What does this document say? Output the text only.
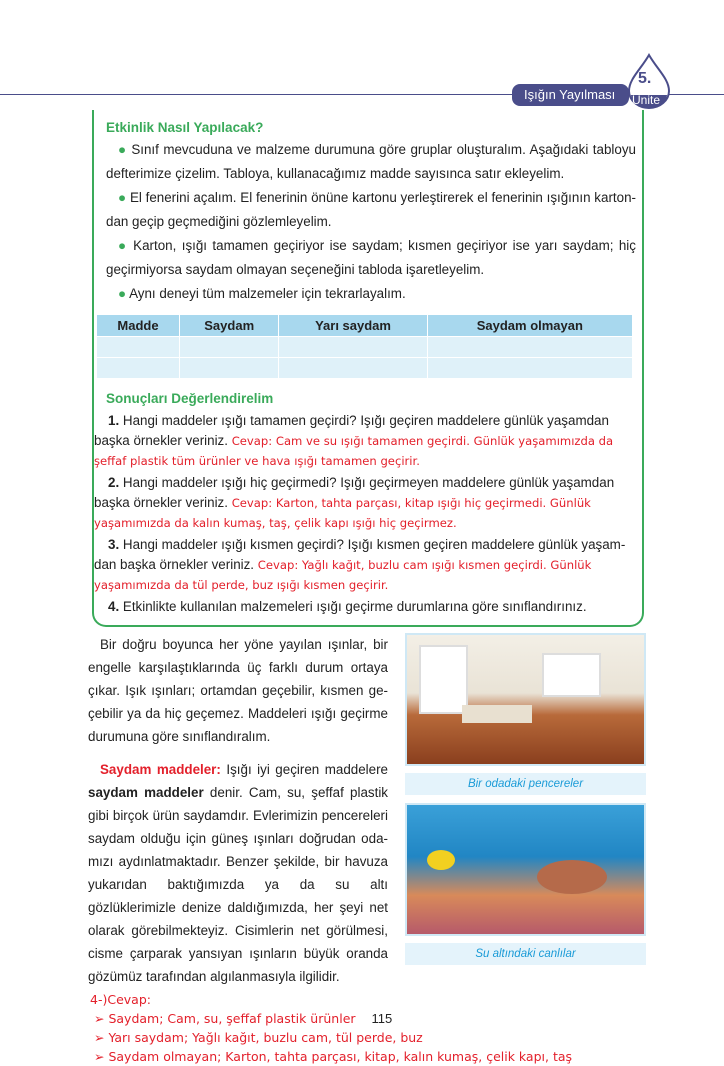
Işığın Yayılması
5.
Ünite
Etkinlik Nasıl Yapılacak?
● Sınıf mevcuduna ve malzeme durumuna göre gruplar oluşturalım. Aşağıdaki tabloyu defterimize çizelim. Tabloya, kullanacağımız madde sayısınca satır ekleyelim.
● El fenerini açalım. El fenerinin önüne kartonu yerleştirerek el fenerinin ışığının kartondan geçip geçmediğini gözlemleyelim.
● Karton, ışığı tamamen geçiriyor ise saydam; kısmen geçiriyor ise yarı saydam; hiç geçirmiyorsa saydam olmayan seçeneğini tabloda işaretleyelim.
● Aynı deneyi tüm malzemeler için tekrarlayalım.
Madde	Saydam	Yarı saydam	Saydam olmayan

Sonuçları Değerlendirelim
1. Hangi maddeler ışığı tamamen geçirdi? Işığı geçiren maddelere günlük yaşamdan başka örnekler veriniz. Cevap: Cam ve su ışığı tamamen geçirdi. Günlük yaşamımızda da şeffaf plastik tüm ürünler ve hava ışığı tamamen geçirir.
2. Hangi maddeler ışığı hiç geçirmedi? Işığı geçirmeyen maddelere günlük yaşamdan başka örnekler veriniz. Cevap: Karton, tahta parçası, kitap ışığı hiç geçirmedi. Günlük yaşamımızda da kalın kumaş, taş, çelik kapı ışığı hiç geçirmez.
3. Hangi maddeler ışığı kısmen geçirdi? Işığı kısmen geçiren maddelere günlük yaşamdan başka örnekler veriniz. Cevap: Yağlı kağıt, buzlu cam ışığı kısmen geçirdi. Günlük yaşamımızda da tül perde, buz ışığı kısmen geçirir.
4. Etkinlikte kullanılan malzemeleri ışığı geçirme durumlarına göre sınıflandırınız.
Bir doğru boyunca her yöne yayılan ışınlar, bir engelle karşılaştıklarında üç farklı durum ortaya çıkar. Işık ışınları; ortamdan geçebilir, kısmen geçebilir ya da hiç geçemez. Maddeleri ışığı geçirme durumuna göre sınıflandıralım.
Saydam maddeler: Işığı iyi geçiren maddelere saydam maddeler denir. Cam, su, şeffaf plastik gibi birçok ürün saydamdır. Evlerimizin pencereleri saydam olduğu için güneş ışınları doğrudan odamızı aydınlatmaktadır. Benzer şekilde, bir havuza yukarıdan baktığımızda ya da su altı gözlüklerimizle denize daldığımızda, her şeyi net olarak görebilmekteyiz. Cisimlerin net görülmesi, cisme çarparak yansıyan ışınların büyük oranda gözümüz tarafından algılanmasıyla ilgilidir.
Bir odadaki pencereler
Su altındaki canlılar
4-)Cevap:
➢ Saydam; Cam, su, şeffaf plastik ürünler 115
➢ Yarı saydam; Yağlı kağıt, buzlu cam, tül perde, buz
➢ Saydam olmayan; Karton, tahta parçası, kitap, kalın kumaş, çelik kapı, taş
